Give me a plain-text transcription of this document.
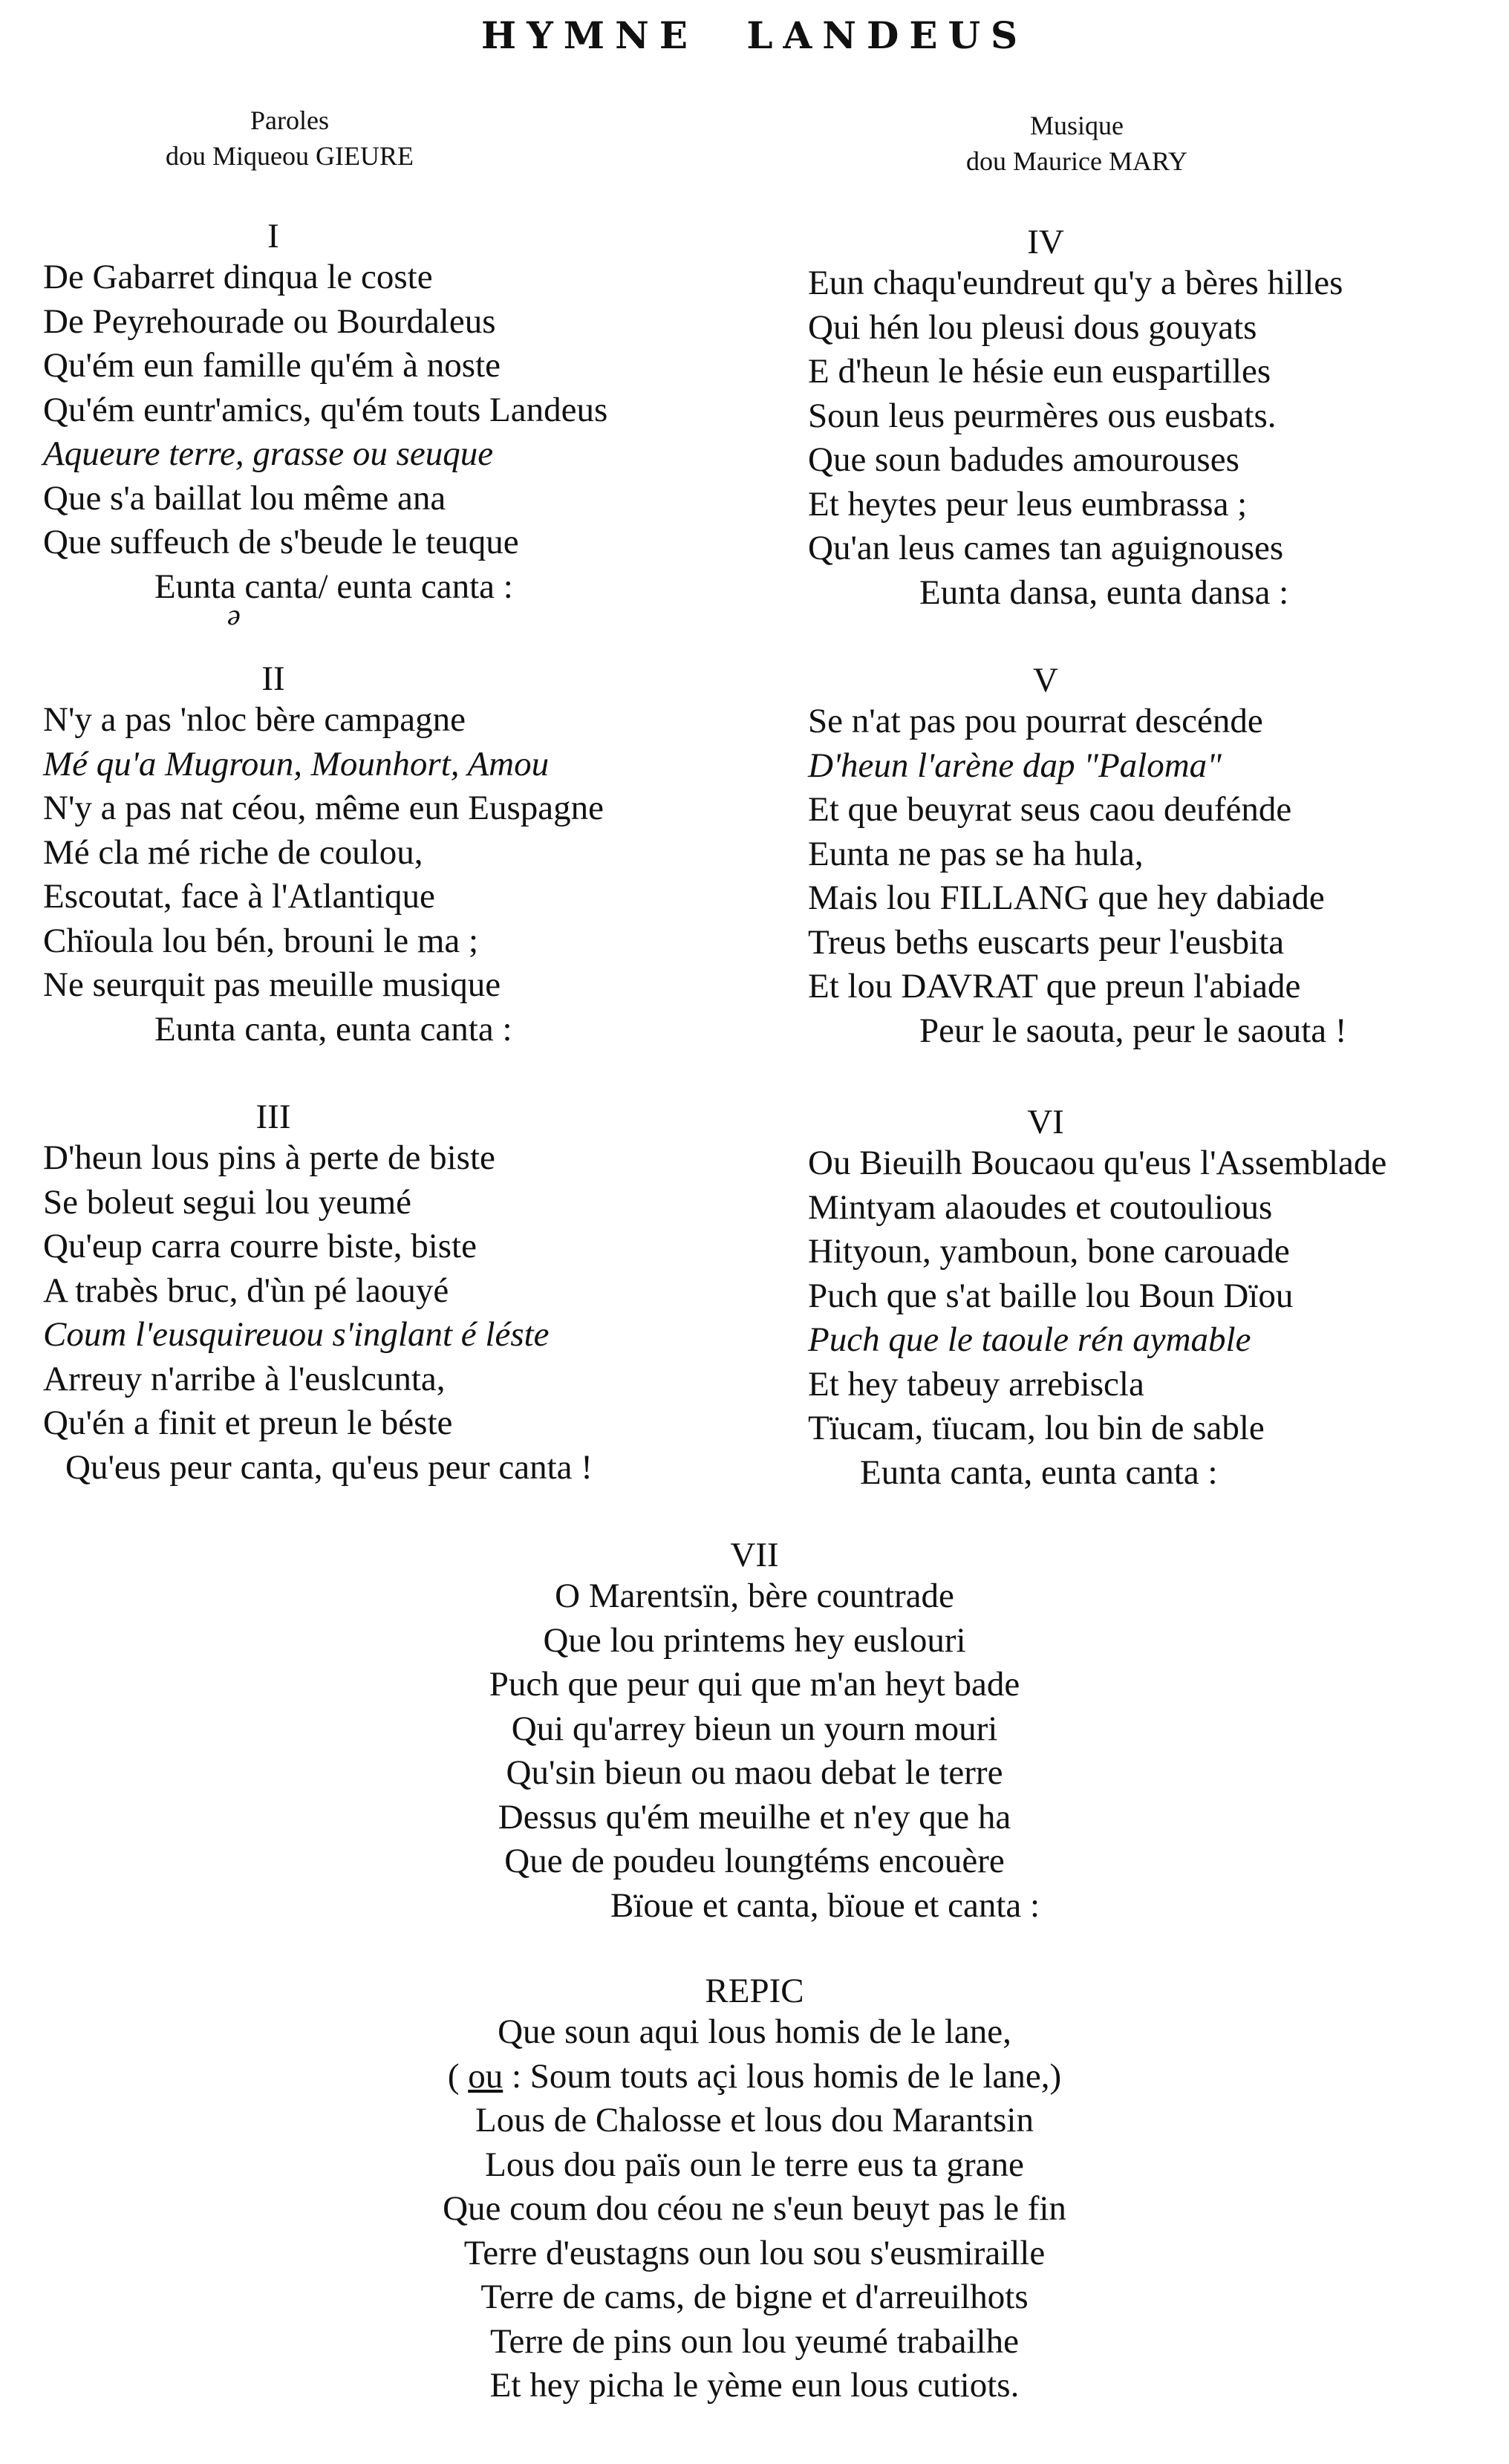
HYMNE LANDEUS
Paroles
dou Miqueou GIEURE
Musique
dou Maurice MARY

I

De Gabarret dinqua le coste

De Peyrehourade ou Bourdaleus

Qu'ém eun famille qu'ém à noste

Qu'ém euntr'amics, qu'ém touts Landeus

Aqueure terre, grasse ou seuque

Que s'a baillat lou même ana

Que suffeuch de s'beude le teuque

Eunta canta/ eunta canta :

ə

IV

Eun chaqu'eundreut qu'y a bères hilles

Qui hén lou pleusi dous gouyats

E d'heun le hésie eun euspartilles

Soun leus peurmères ous eusbats.

Que soun badudes amourouses

Et heytes peur leus eumbrassa ;

Qu'an leus cames tan aguignouses

Eunta dansa, eunta dansa :

II

N'y a pas 'nloc bère campagne

Mé qu'a Mugroun, Mounhort, Amou

N'y a pas nat céou, même eun Euspagne

Mé cla mé riche de coulou,

Escoutat, face à l'Atlantique

Chïoula lou bén, brouni le ma ;

Ne seurquit pas meuille musique

Eunta canta, eunta canta :

V

Se n'at pas pou pourrat descénde

D'heun l'arène dap "Paloma"

Et que beuyrat seus caou deufénde

Eunta ne pas se ha hula,

Mais lou FILLANG que hey dabiade

Treus beths euscarts peur l'eusbita

Et lou DAVRAT que preun l'abiade

Peur le saouta, peur le saouta !

III

D'heun lous pins à perte de biste

Se boleut segui lou yeumé

Qu'eup carra courre biste, biste

A trabès bruc, d'ùn pé laouyé

Coum l'eusquireuou s'inglant é léste

Arreuy n'arribe à l'euslcunta,

Qu'én a finit et preun le béste

Qu'eus peur canta, qu'eus peur canta !

VI

Ou Bieuilh Boucaou qu'eus l'Assemblade

Mintyam alaoudes et coutoulious

Hityoun, yamboun, bone carouade

Puch que s'at baille lou Boun Dïou

Puch que le taoule rén aymable

Et hey tabeuy arrebiscla

Tïucam, tïucam, lou bin de sable

Eunta canta, eunta canta :

VII

O Marentsïn, bère countrade

Que lou printems hey euslouri

Puch que peur qui que m'an heyt bade

Qui qu'arrey bieun un yourn mouri

Qu'sin bieun ou maou debat le terre

Dessus qu'ém meuilhe et n'ey que ha

Que de poudeu loungtéms encouère

Bïoue et canta, bïoue et canta :

REPIC

Que soun aqui lous homis de le lane,

( ou : Soum touts açi lous homis de le lane,)

Lous de Chalosse et lous dou Marantsin

Lous dou païs oun le terre eus ta grane

Que coum dou céou ne s'eun beuyt pas le fin

Terre d'eustagns oun lou sou s'eusmiraille

Terre de cams, de bigne et d'arreuilhots

Terre de pins oun lou yeumé trabailhe

Et hey picha le yème eun lous cutiots.
